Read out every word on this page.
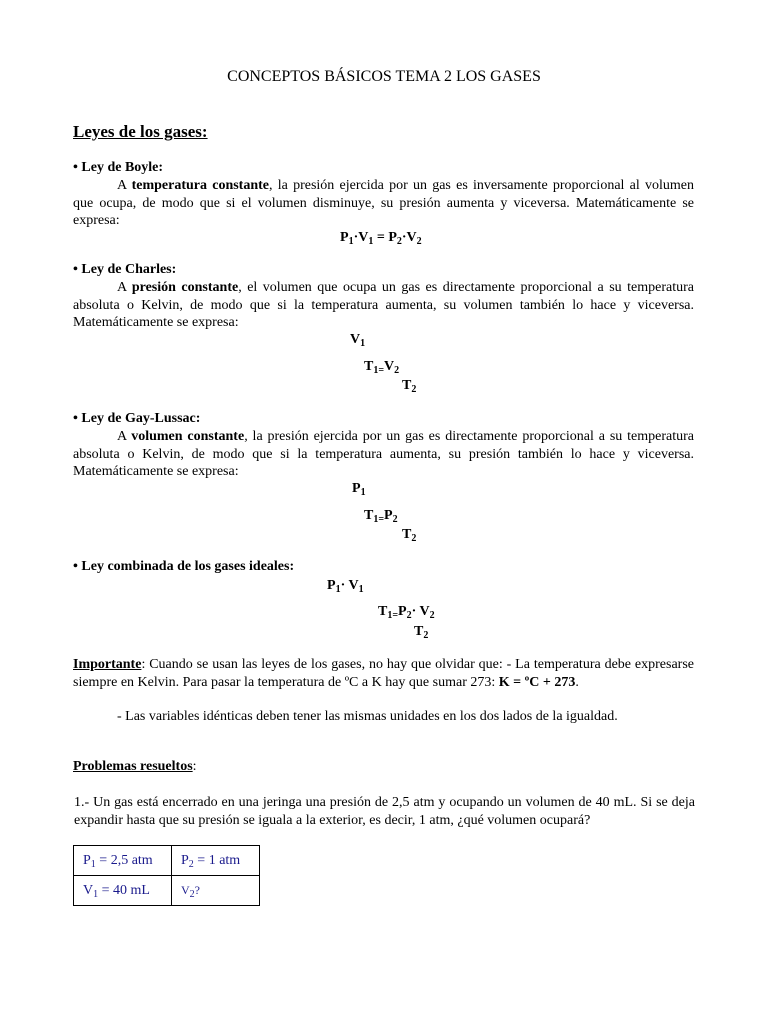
CONCEPTOS BÁSICOS TEMA 2 LOS GASES
Leyes de los gases:
• Ley de Boyle:
A temperatura constante, la presión ejercida por un gas es inversamente proporcional al volumen que ocupa, de modo que si el volumen disminuye, su presión aumenta y viceversa. Matemáticamente se expresa:
$P_1\cdot V_1 = P_2\cdot V_2$
• Ley de Charles:
A presión constante, el volumen que ocupa un gas es directamente proporcional a su temperatura absoluta o Kelvin, de modo que si la temperatura aumenta, su volumen también lo hace y viceversa. Matemáticamente se expresa:
$V_1$
$T_{1=}V_2$
$T_2$
• Ley de Gay-Lussac:
A volumen constante, la presión ejercida por un gas es directamente proporcional a su temperatura absoluta o Kelvin, de modo que si la temperatura aumenta, su presión también lo hace y viceversa. Matemáticamente se expresa:
$P_1$
$T_{1=}P_2$
$T_2$
• Ley combinada de los gases ideales:
$P_1\cdot V_1$
$T_{1=}P_2\cdot V_2$
$T_2$
Importante: Cuando se usan las leyes de los gases, no hay que olvidar que: - La temperatura debe expresarse siempre en Kelvin. Para pasar la temperatura de ºC a K hay que sumar 273: K = ºC + 273.
- Las variables idénticas deben tener las mismas unidades en los dos lados de la igualdad.
Problemas resueltos:
1.- Un gas está encerrado en una jeringa una presión de 2,5 atm y ocupando un volumen de 40 mL. Si se deja expandir hasta que su presión se iguala a la exterior, es decir, 1 atm, ¿qué volumen ocupará?
$P_1 = 2,5$ atm	$P_2 = 1$ atm
$V_1 = 40$ mL	$V_2$?
